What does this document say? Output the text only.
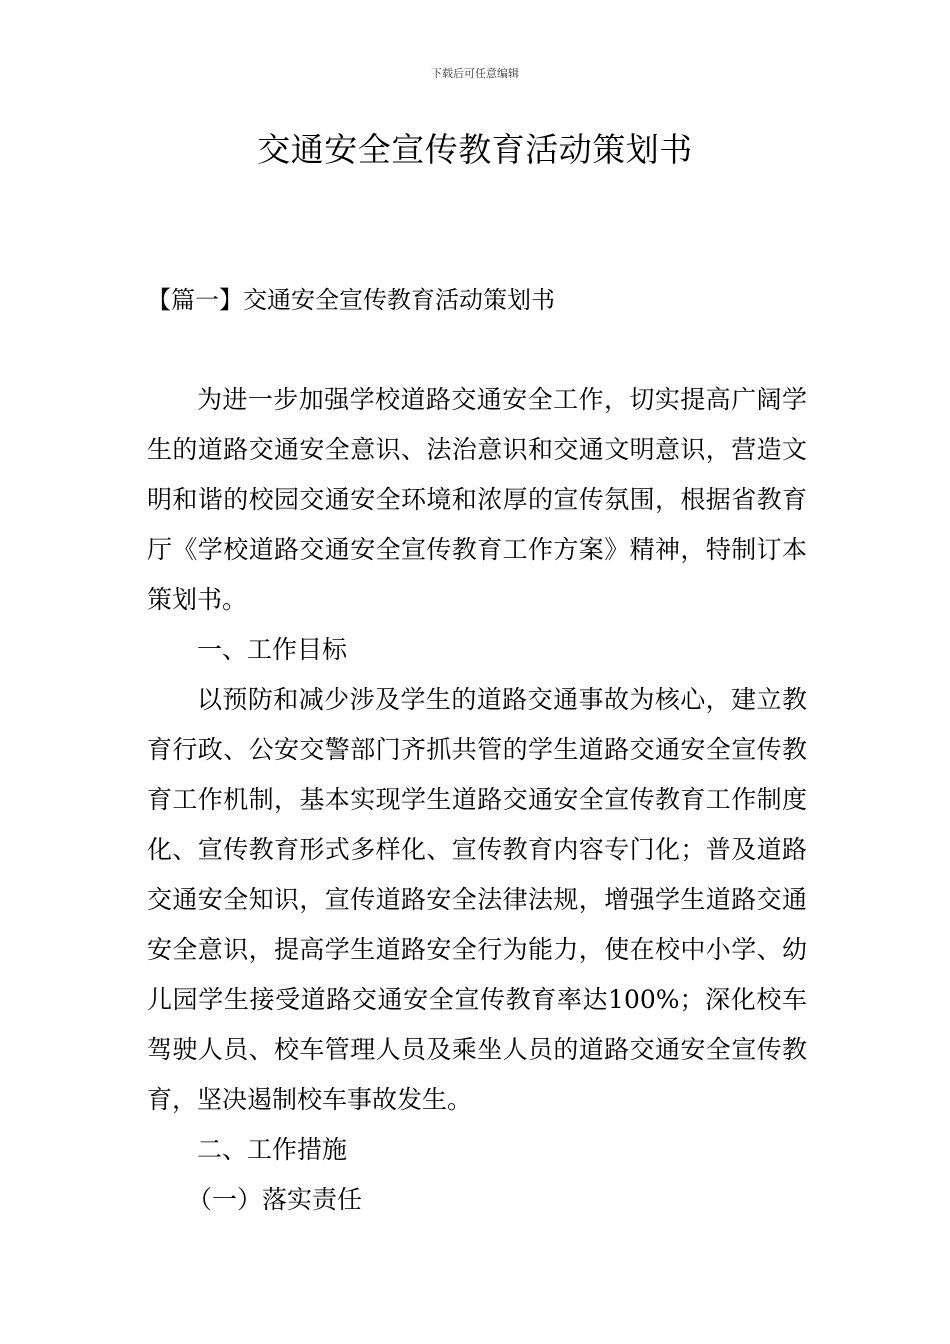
下载后可任意编辑
交通安全宣传教育活动策划书
【篇一】交通安全宣传教育活动策划书

为进一步加强学校道路交通安全工作，切实提高广阔学生的道路交通安全意识、法治意识和交通文明意识，营造文明和谐的校园交通安全环境和浓厚的宣传氛围，根据省教育厅《学校道路交通安全宣传教育工作方案》精神，特制订本策划书。

一、工作目标

以预防和减少涉及学生的道路交通事故为核心，建立教育行政、公安交警部门齐抓共管的学生道路交通安全宣传教育工作机制，基本实现学生道路交通安全宣传教育工作制度化、宣传教育形式多样化、宣传教育内容专门化；普及道路交通安全知识，宣传道路安全法律法规，增强学生道路交通安全意识，提高学生道路安全行为能力，使在校中小学、幼儿园学生接受道路交通安全宣传教育率达100%；深化校车驾驶人员、校车管理人员及乘坐人员的道路交通安全宣传教育，坚决遏制校车事故发生。

二、工作措施

（一）落实责任
